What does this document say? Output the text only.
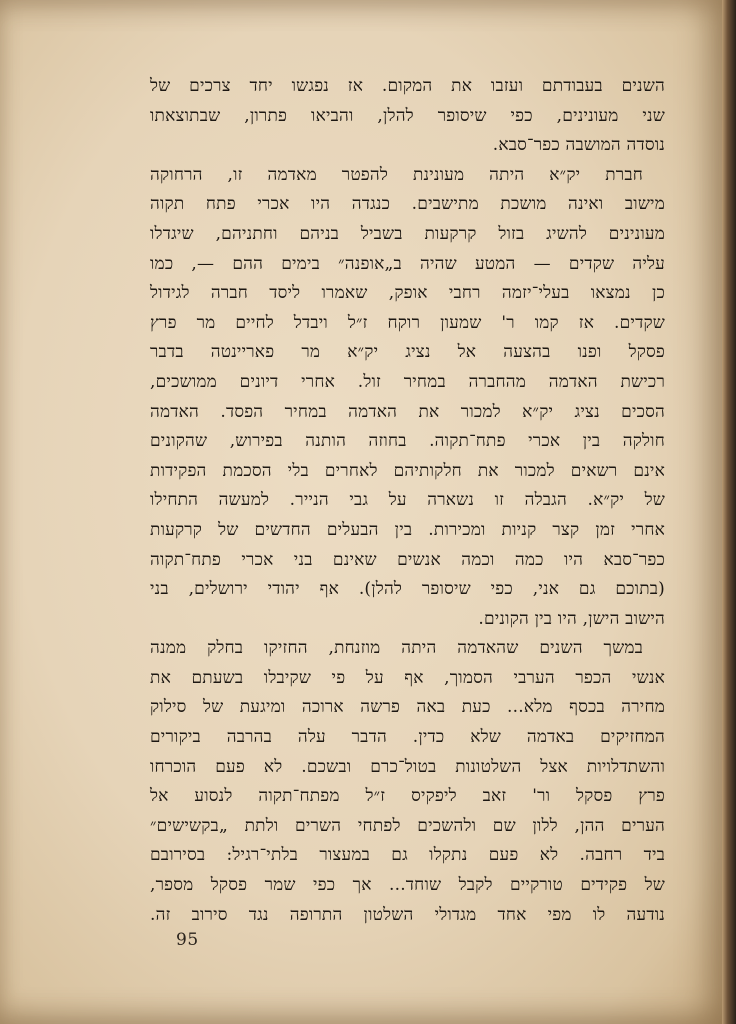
השנים בעבודתם ועזבו את המקום. אז נפגשו יחד צרכים של
שני מעונינים, כפי שיסופר להלן, והביאו פתרון, שבתוצאתו
נוסדה המושבה כפר־סבא.
חברת יק״א היתה מעונינת להפטר מאדמה זו, הרחוקה
מישוב ואינה מושכת מתישבים. כנגדה היו אכרי פתח תקוה
מעונינים להשיג בזול קרקעות בשביל בניהם וחתניהם, שיגדלו
עליה שקדים — המטע שהיה ב„אופנה״ בימים ההם —, כמו
כן נמצאו בעלי־יזמה רחבי אופק, שאמרו ליסד חברה לגידול
שקדים. אז קמו ר' שמעון רוקח ז״ל ויבדל לחיים מר פרץ
פסקל ופנו בהצעה אל נציג יק״א מר פאריינטה בדבר
רכישת האדמה מהחברה במחיר זול. אחרי דיונים ממושכים,
הסכים נציג יק״א למכור את האדמה במחיר הפסד. האדמה
חולקה בין אכרי פתח־תקוה. בחוזה הותנה בפירוש, שהקונים
אינם רשאים למכור את חלקותיהם לאחרים בלי הסכמת הפקידות
של יק״א. הגבלה זו נשארה על גבי הנייר. למעשה התחילו
אחרי זמן קצר קניות ומכירות. בין הבעלים החדשים של קרקעות
כפר־סבא היו כמה וכמה אנשים שאינם בני אכרי פתח־תקוה
(בתוכם גם אני, כפי שיסופר להלן). אף יהודי ירושלים, בני
הישוב הישן, היו בין הקונים.
במשך השנים שהאדמה היתה מוזנחת, החזיקו בחלק ממנה
אנשי הכפר הערבי הסמוך, אף על פי שקיבלו בשעתם את
מחירה בכסף מלא... כעת באה פרשה ארוכה ומיגעת של סילוק
המחזיקים באדמה שלא כדין. הדבר עלה בהרבה ביקורים
והשתדלויות אצל השלטונות בטול־כרם ובשכם. לא פעם הוכרחו
פרץ פסקל ור' זאב ליפקיס ז״ל מפתח־תקוה לנסוע אל
הערים ההן, ללון שם ולהשכים לפתחי השרים ולתת „בקשישים״
ביד רחבה. לא פעם נתקלו גם במעצור בלתי־רגיל: בסירובם
של פקידים טורקיים לקבל שוחד... אך כפי שמר פסקל מספר,
נודעה לו מפי אחד מגדולי השלטון התרופה נגד סירוב זה.
95
